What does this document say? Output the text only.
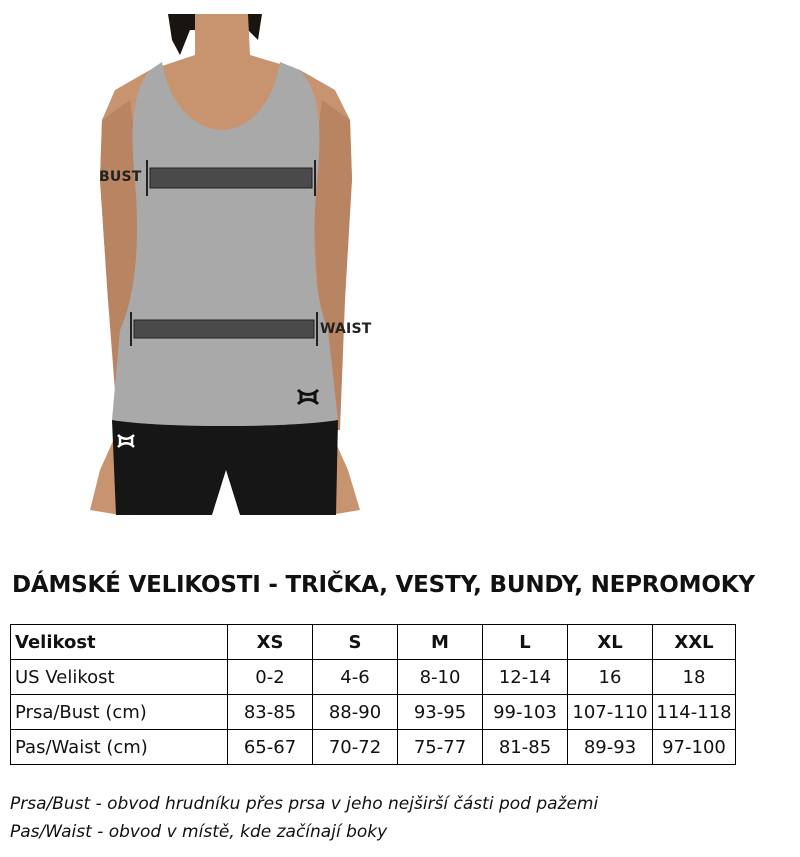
BUST
WAIST
DÁMSKÉ VELIKOSTI - TRIČKA, VESTY, BUNDY, NEPROMOKY
Velikost	XS	S	M	L	XL	XXL
US Velikost	0-2	4-6	8-10	12-14	16	18
Prsa/Bust (cm)	83-85	88-90	93-95	99-103	107-110	114-118
Pas/Waist (cm)	65-67	70-72	75-77	81-85	89-93	97-100
Prsa/Bust - obvod hrudníku přes prsa v jeho nejširší části pod pažemi
Pas/Waist - obvod v místě, kde začínají boky
